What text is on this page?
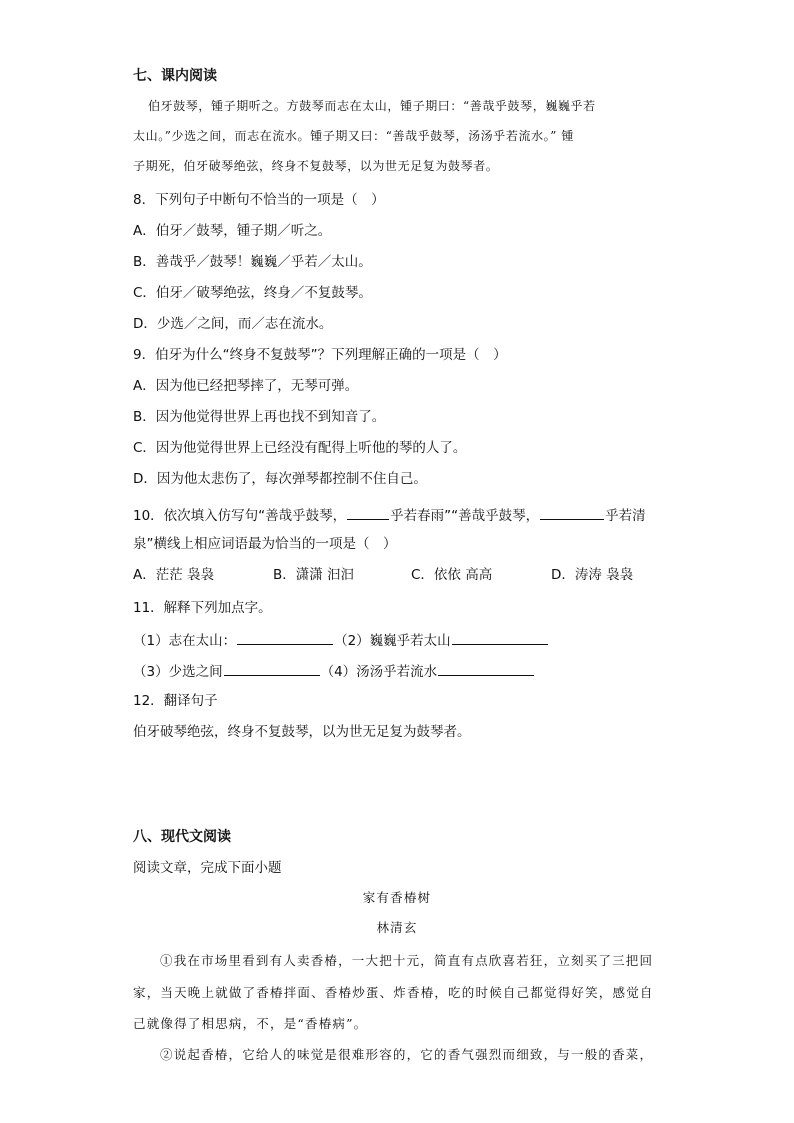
七、课内阅读
伯牙鼓琴，锺子期听之。方鼓琴而志在太山，锺子期曰：“善哉乎鼓琴，巍巍乎若
太山。”少选之间，而志在流水。锺子期又曰：“善哉乎鼓琴，汤汤乎若流水。” 锺
子期死，伯牙破琴绝弦，终身不复鼓琴，以为世无足复为鼓琴者。
8．下列句子中断句不恰当的一项是（　）
A．伯牙／鼓琴，锺子期／听之。
B．善哉乎／鼓琴！巍巍／乎若／太山。
C．伯牙／破琴绝弦，终身／不复鼓琴。
D．少选／之间，而／志在流水。
9．伯牙为什么“终身不复鼓琴”？下列理解正确的一项是（　）
A．因为他已经把琴摔了，无琴可弹。
B．因为他觉得世界上再也找不到知音了。
C．因为他觉得世界上已经没有配得上听他的琴的人了。
D．因为他太悲伤了，每次弹琴都控制不住自己。
10．依次填入仿写句“善哉乎鼓琴，	乎若春雨”“善哉乎鼓琴，	乎若清
泉”横线上相应词语最为恰当的一项是（　）
A．茫茫 袅袅	B．潇潇 汩汩	C．依依 高高	D．涛涛 袅袅
11．解释下列加点字。
（1）志在太山：	（2）巍巍乎若太山
（3）少选之间	（4）汤汤乎若流水
12．翻译句子
伯牙破琴绝弦，终身不复鼓琴，以为世无足复为鼓琴者。
八、现代文阅读
阅读文章，完成下面小题
家有香椿树
林清玄
①我在市场里看到有人卖香椿，一大把十元，简直有点欣喜若狂，立刻买了三把回
家，当天晚上就做了香椿拌面、香椿炒蛋、炸香椿，吃的时候自己都觉得好笑，感觉自
己就像得了相思病，不，是“香椿病”。
②说起香椿，它给人的味觉是很难形容的，它的香气强烈而细致，与一般的香菜，
